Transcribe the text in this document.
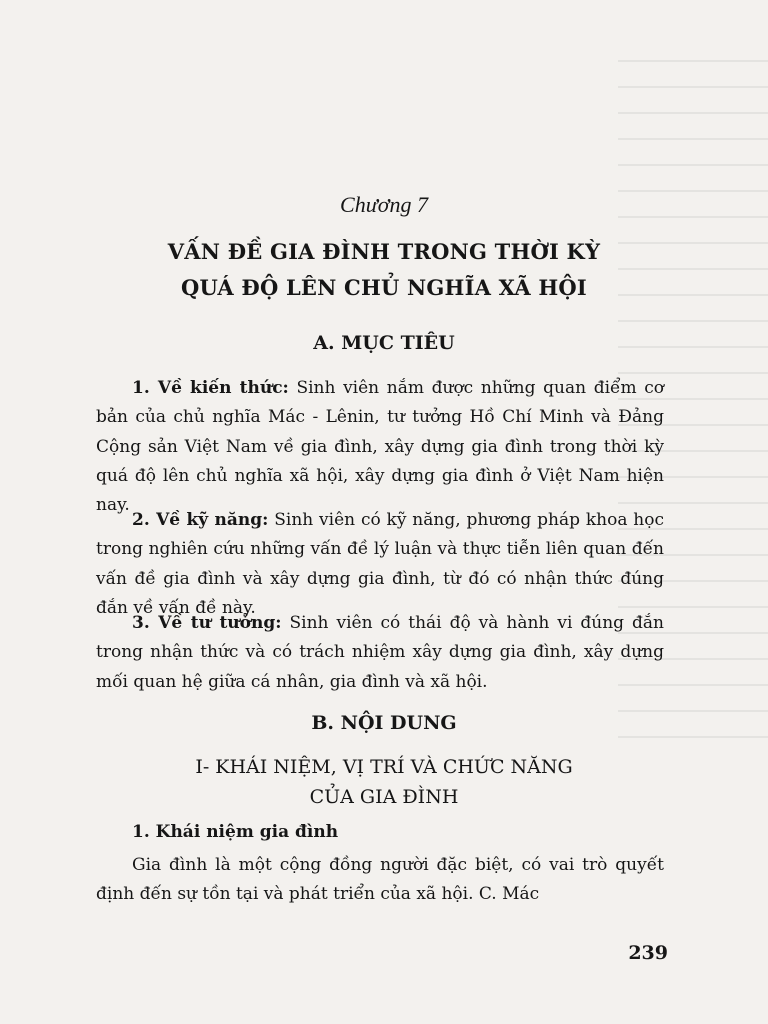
Chương 7
VẤN ĐỀ GIA ĐÌNH TRONG THỜI KỲ
QUÁ ĐỘ LÊN CHỦ NGHĨA XÃ HỘI
A. MỤC TIÊU
1. Về kiến thức: Sinh viên nắm được những quan điểm cơ bản của chủ nghĩa Mác - Lênin, tư tưởng Hồ Chí Minh và Đảng Cộng sản Việt Nam về gia đình, xây dựng gia đình trong thời kỳ quá độ lên chủ nghĩa xã hội, xây dựng gia đình ở Việt Nam hiện nay.
2. Về kỹ năng: Sinh viên có kỹ năng, phương pháp khoa học trong nghiên cứu những vấn đề lý luận và thực tiễn liên quan đến vấn đề gia đình và xây dựng gia đình, từ đó có nhận thức đúng đắn về vấn đề này.
3. Về tư tưởng: Sinh viên có thái độ và hành vi đúng đắn trong nhận thức và có trách nhiệm xây dựng gia đình, xây dựng mối quan hệ giữa cá nhân, gia đình và xã hội.
B. NỘI DUNG
I- KHÁI NIỆM, VỊ TRÍ VÀ CHỨC NĂNG
CỦA GIA ĐÌNH
1. Khái niệm gia đình
Gia đình là một cộng đồng người đặc biệt, có vai trò quyết định đến sự tồn tại và phát triển của xã hội. C. Mác
239
